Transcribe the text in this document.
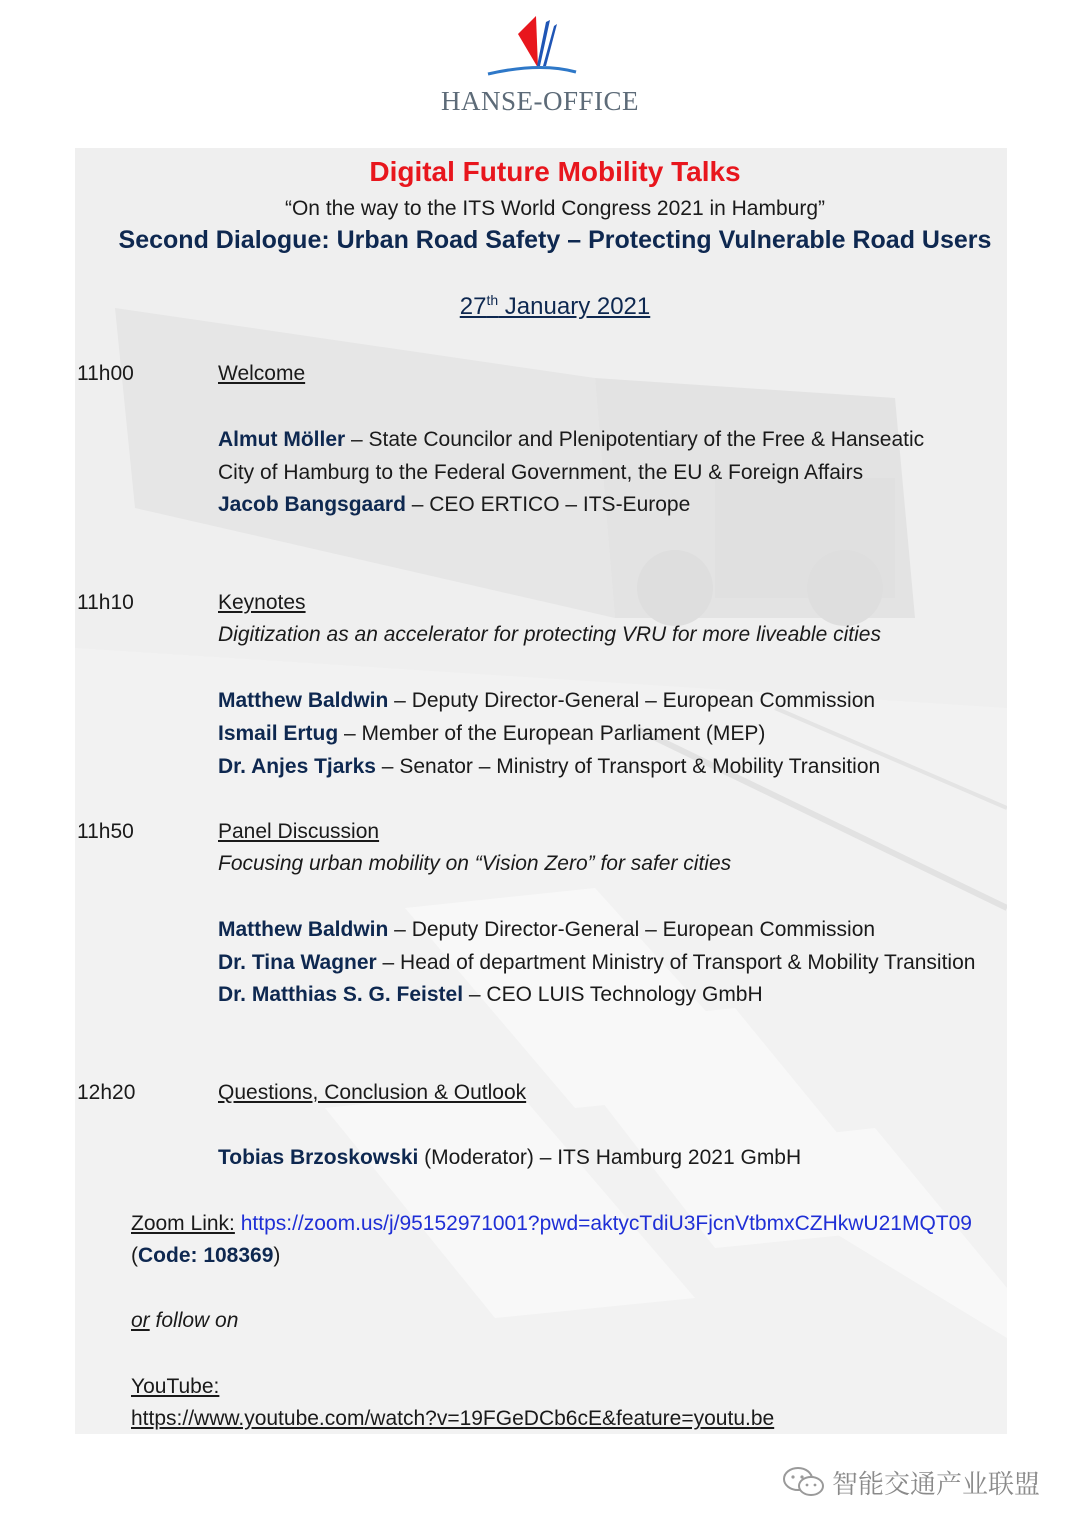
HANSE-OFFICE
Digital Future Mobility Talks
“On the way to the ITS World Congress 2021 in Hamburg”
Second Dialogue: Urban Road Safety – Protecting Vulnerable Road Users
27th January 2021
11h00	Welcome
Almut Möller – State Councilor and Plenipotentiary of the Free & Hanseatic
City of Hamburg to the Federal Government, the EU & Foreign Affairs
Jacob Bangsgaard – CEO ERTICO – ITS-Europe
11h10	Keynotes
Digitization as an accelerator for protecting VRU for more liveable cities
Matthew Baldwin – Deputy Director-General – European Commission
Ismail Ertug – Member of the European Parliament (MEP)
Dr. Anjes Tjarks – Senator – Ministry of Transport & Mobility Transition
11h50	Panel Discussion
Focusing urban mobility on “Vision Zero” for safer cities
Matthew Baldwin – Deputy Director-General – European Commission
Dr. Tina Wagner – Head of department Ministry of Transport & Mobility Transition
Dr. Matthias S. G. Feistel – CEO LUIS Technology GmbH
12h20	Questions, Conclusion & Outlook
Tobias Brzoskowski (Moderator) – ITS Hamburg 2021 GmbH
Zoom Link: https://zoom.us/j/95152971001?pwd=aktycTdiU3FjcnVtbmxCZHkwU21MQT09
(Code: 108369)
or follow on
YouTube:
https://www.youtube.com/watch?v=19FGeDCb6cE&feature=youtu.be
智能交通产业联盟
